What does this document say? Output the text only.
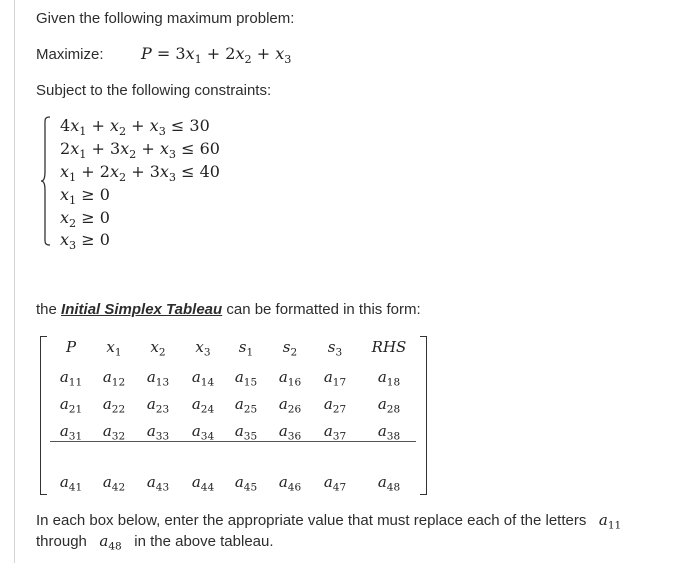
Given the following maximum problem:
Maximize: $P = 3x_1 + 2x_2 + x_3$
Subject to the following constraints:
$4x_1 + x_2 + x_3 \le 30$
$2x_1 + 3x_2 + x_3 \le 60$
$x_1 + 2x_2 + 3x_3 \le 40$
$x_1 \ge 0$
$x_2 \ge 0$
$x_3 \ge 0$
the Initial Simplex Tableau can be formatted in this form:
P $x_1$ $x_2$ $x_3$ $s_1$ $s_2$ $s_3$ RHS
$a_{11}$ $a_{12}$ $a_{13}$ $a_{14}$ $a_{15}$ $a_{16}$ $a_{17}$ $a_{18}$
$a_{21}$ $a_{22}$ $a_{23}$ $a_{24}$ $a_{25}$ $a_{26}$ $a_{27}$ $a_{28}$
$a_{31}$ $a_{32}$ $a_{33}$ $a_{34}$ $a_{35}$ $a_{36}$ $a_{37}$ $a_{38}$
$a_{41}$ $a_{42}$ $a_{43}$ $a_{44}$ $a_{45}$ $a_{46}$ $a_{47}$ $a_{48}$
In each box below, enter the appropriate value that must replace each of the letters $a_{11}$
through $a_{48}$ in the above tableau.
